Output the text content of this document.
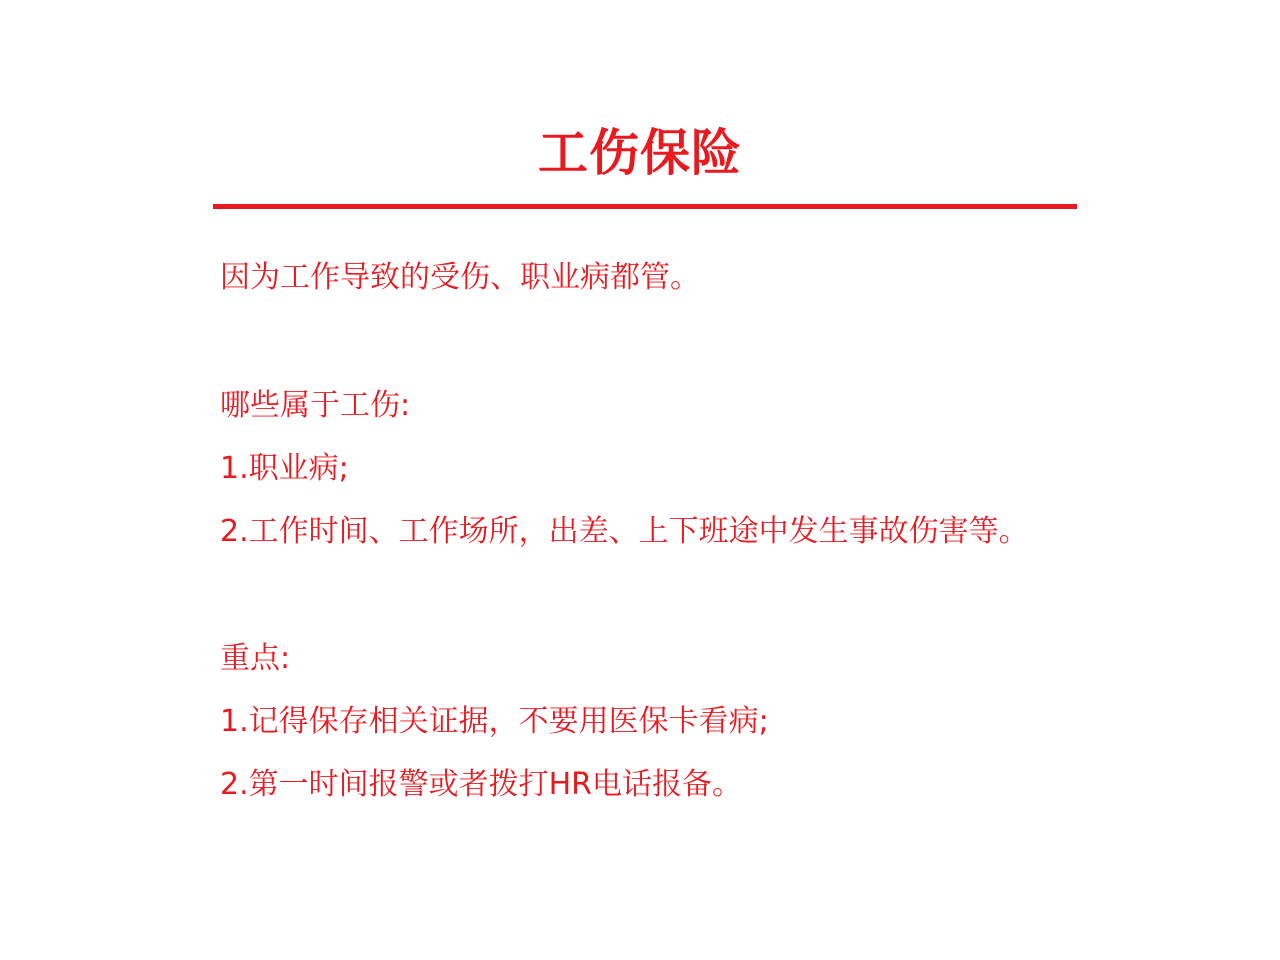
工伤保险
因为工作导致的受伤、职业病都管。
哪些属于工伤:
1.职业病;
2.工作时间、工作场所，出差、上下班途中发生事故伤害等。
重点:
1.记得保存相关证据，不要用医保卡看病;
2.第一时间报警或者拨打HR电话报备。
